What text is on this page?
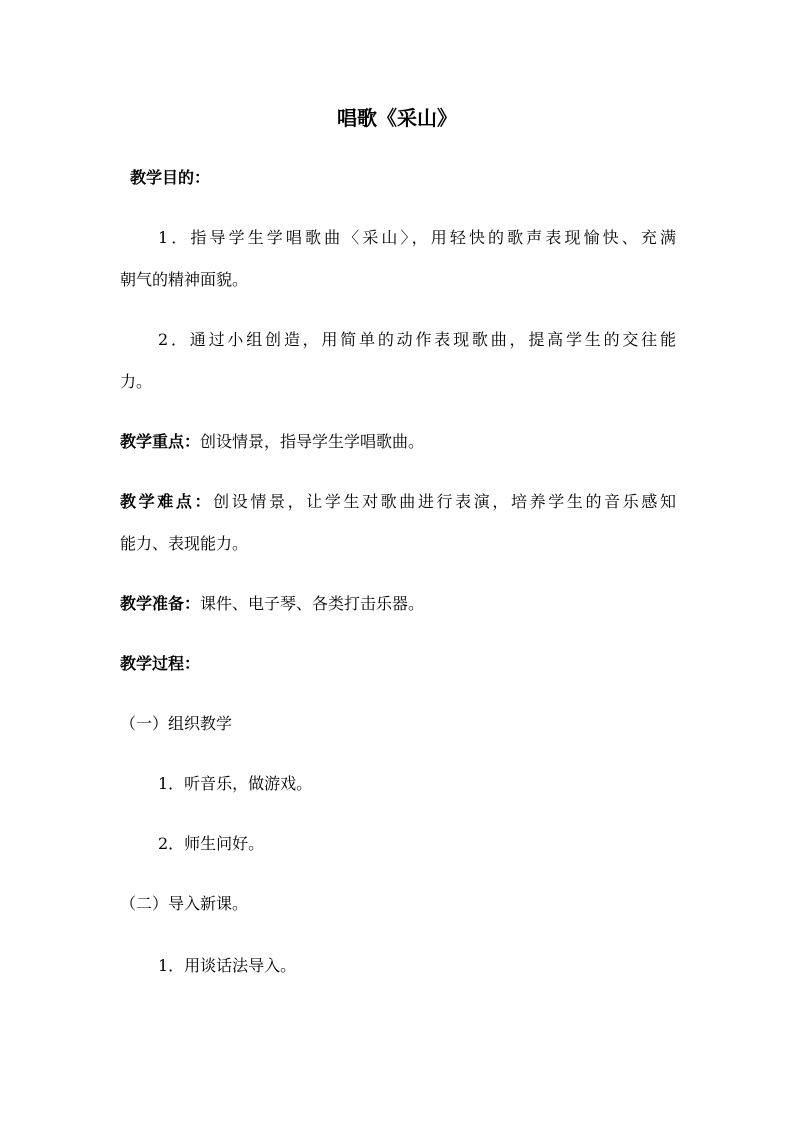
唱歌《采山》
教学目的：
1．指导学生学唱歌曲〈采山〉，用轻快的歌声表现愉快、充满
朝气的精神面貌。
2．通过小组创造，用简单的动作表现歌曲，提高学生的交往能
力。
教学重点：创设情景，指导学生学唱歌曲。
教学难点：创设情景，让学生对歌曲进行表演，培养学生的音乐感知
能力、表现能力。
教学准备：课件、电子琴、各类打击乐器。
教学过程：
（一）组织教学
1．听音乐，做游戏。
2．师生问好。
（二）导入新课。
1．用谈话法导入。
